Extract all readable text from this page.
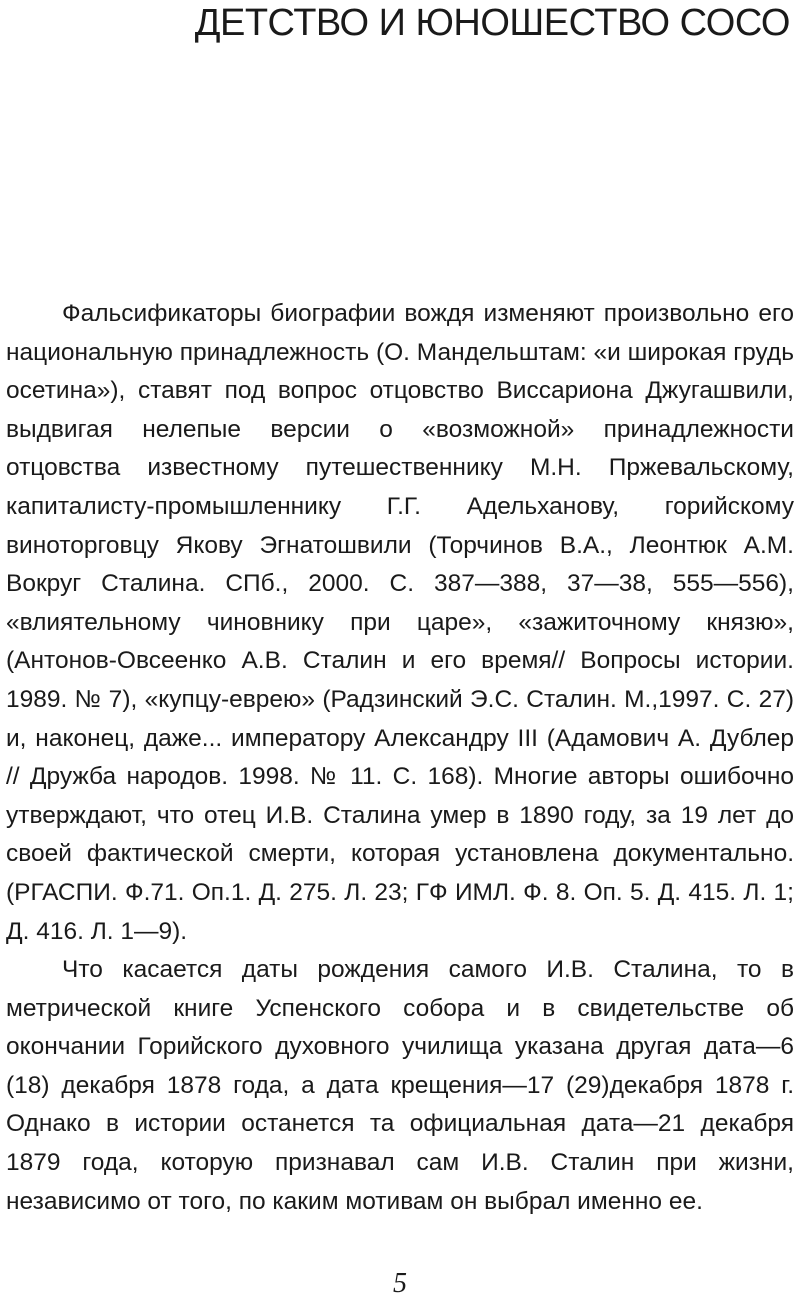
ДЕТСТВО И ЮНОШЕСТВО СОСО

Фальсификаторы биографии вождя изменяют произвольно его национальную принадлежность (О. Мандельштам: «и широкая грудь осетина»), ставят под вопрос отцовство Виссариона Джугашвили, выдвигая нелепые версии о «возможной» принадлежности отцовства известному путешественнику М.Н. Пржевальскому, капиталисту-промышленнику Г.Г. Адельханову, горийскому виноторговцу Якову Эгнатошвили (Торчинов В.А., Леонтюк А.М. Вокруг Сталина. СПб., 2000. С. 387—388, 37—38, 555—556), «влиятельному чиновнику при царе», «зажиточному князю», (Антонов-Овсеенко А.В. Сталин и его время// Вопросы истории. 1989. № 7), «купцу-еврею» (Радзинский Э.С. Сталин. М.,1997. С. 27) и, наконец, даже... императору Александру III (Адамович А. Дублер // Дружба народов. 1998. № 11. С. 168). Многие авторы ошибочно утверждают, что отец И.В. Сталина умер в 1890 году, за 19 лет до своей фактической смерти, которая установлена документально. (РГАСПИ. Ф.71. Оп.1. Д. 275. Л. 23; ГФ ИМЛ. Ф. 8. Оп. 5. Д. 415. Л. 1; Д. 416. Л. 1—9).

Что касается даты рождения самого И.В. Сталина, то в метрической книге Успенского собора и в свидетельстве об окончании Горийского духовного училища указана другая дата—6 (18) декабря 1878 года, а дата крещения—17 (29)декабря 1878 г. Однако в истории останется та официальная дата—21 декабря 1879 года, которую признавал сам И.В. Сталин при жизни, независимо от того, по каким мотивам он выбрал именно ее.

5
